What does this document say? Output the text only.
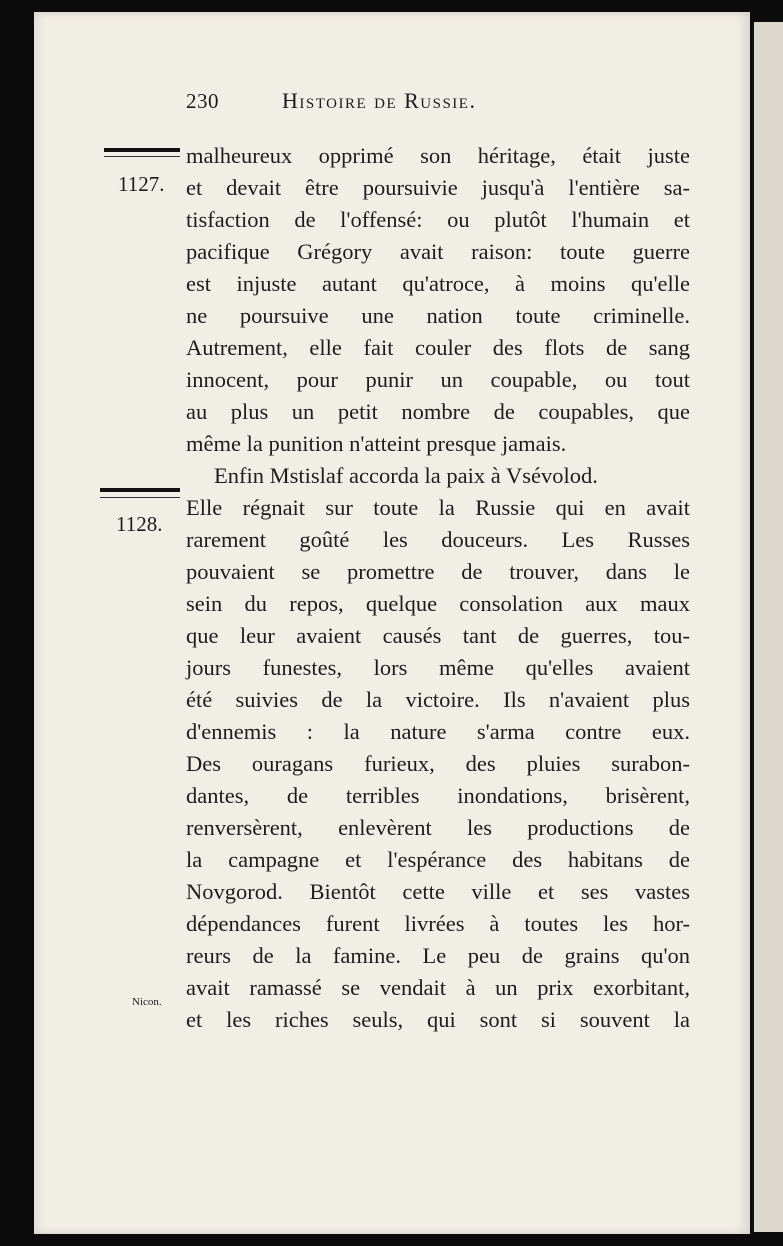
230	Histoire de Russie.
1127.
1128.
Nicon.
malheureux opprimé son héritage, était juste
et devait être poursuivie jusqu'à l'entière sa-
tisfaction de l'offensé: ou plutôt l'humain et
pacifique Grégory avait raison: toute guerre
est injuste autant qu'atroce, à moins qu'elle
ne poursuive une nation toute criminelle.
Autrement, elle fait couler des flots de sang
innocent, pour punir un coupable, ou tout
au plus un petit nombre de coupables, que
même la punition n'atteint presque jamais.
Enfin Mstislaf accorda la paix à Vsévolod.
Elle régnait sur toute la Russie qui en avait
rarement goûté les douceurs. Les Russes
pouvaient se promettre de trouver, dans le
sein du repos, quelque consolation aux maux
que leur avaient causés tant de guerres, tou-
jours funestes, lors même qu'elles avaient
été suivies de la victoire. Ils n'avaient plus
d'ennemis : la nature s'arma contre eux.
Des ouragans furieux, des pluies surabon-
dantes, de terribles inondations, brisèrent,
renversèrent, enlevèrent les productions de
la campagne et l'espérance des habitans de
Novgorod. Bientôt cette ville et ses vastes
dépendances furent livrées à toutes les hor-
reurs de la famine. Le peu de grains qu'on
avait ramassé se vendait à un prix exorbitant,
et les riches seuls, qui sont si souvent la
